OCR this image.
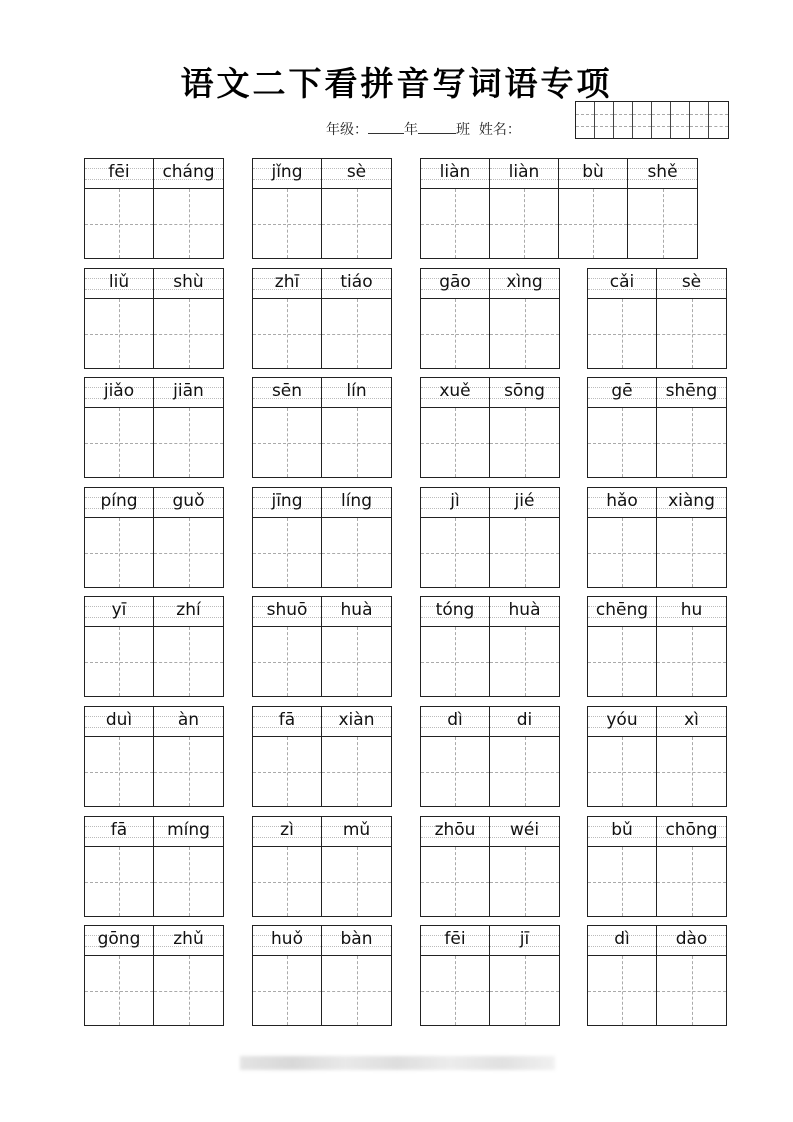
语文二下看拼音写词语专项
年级：	年	班 姓名：
fēi	cháng	jǐng	sè	liàn	liàn	bù	shě
liǔ	shù	zhī	tiáo	gāo	xìng	cǎi	sè
jiǎo	jiān	sēn	lín	xuě	sōng	gē	shēng
píng	guǒ	jīng	líng	jì	jié	hǎo	xiàng
yī	zhí	shuō	huà	tóng	huà	chēng	hu
duì	àn	fā	xiàn	dì	di	yóu	xì
fā	míng	zì	mǔ	zhōu	wéi	bǔ	chōng
gōng	zhǔ	huǒ	bàn	fēi	jī	dì	dào
